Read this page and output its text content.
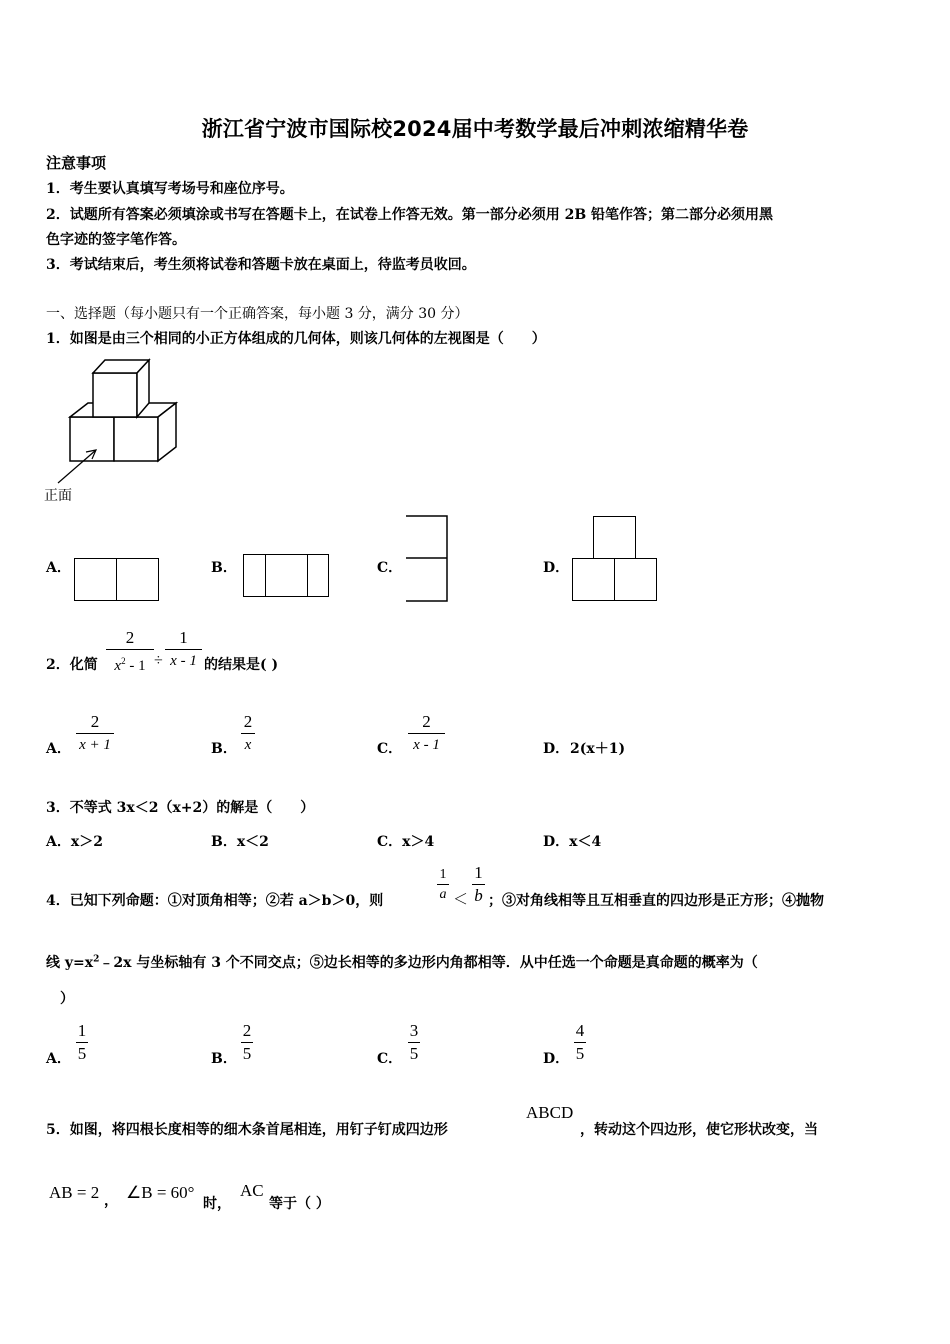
浙江省宁波市国际校2024届中考数学最后冲刺浓缩精华卷
注意事项
1．考生要认真填写考场号和座位序号。
2．试题所有答案必须填涂或书写在答题卡上，在试卷上作答无效。第一部分必须用 2B 铅笔作答；第二部分必须用黑
色字迹的签字笔作答。
3．考试结束后，考生须将试卷和答题卡放在桌面上，待监考员收回。
一、选择题（每小题只有一个正确答案，每小题 3 分，满分 30 分）
1．如图是由三个相同的小正方体组成的几何体，则该几何体的左视图是（　　）
正面
A．	B．	C．	D．
2．化简
2
$x^2 - 1$ ÷
1
x - 1 的结果是( )
A．
2
x + 1	B．
2
x	C．
2
x - 1	D． 2(x＋1)
3．不等式 3x＜2（x+2）的解是（　　）
A．x＞2	B．x＜2	C．x＞4	D．x＜4
4．已知下列命题：①对顶角相等；②若 a＞b＞0，则
1
a ＜
1
b ；③对角线相等且互相垂直的四边形是正方形；④抛物
线 $y=x^2﹣2x$ 与坐标轴有 3 个不同交点；⑤边长相等的多边形内角都相等．从中任选一个命题是真命题的概率为（
）
A．
1
5	B．
2
5	C．
3
5	D．
4
5
5．如图，将四根长度相等的细木条首尾相连，用钉子钉成四边形
ABCD
，转动这个四边形，使它形状改变，当
AB = 2 ， ∠B = 60°
时，
AC
等于（ ）
